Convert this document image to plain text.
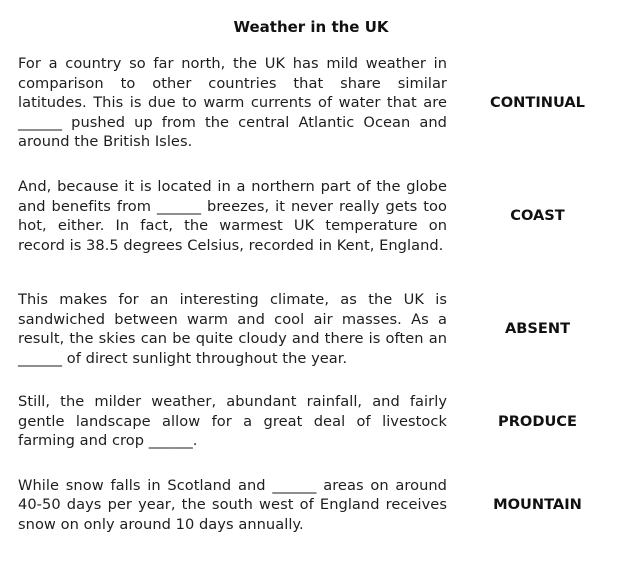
Weather in the UK
For a country so far north, the UK has mild weather in comparison to other countries that share similar latitudes. This is due to warm currents of water that are ______ pushed up from the central Atlantic Ocean and around the British Isles.
CONTINUAL
And, because it is located in a northern part of the globe and benefits from ______ breezes, it never really gets too hot, either. In fact, the warmest UK temperature on record is 38.5 degrees Celsius, recorded in Kent, England.
COAST
This makes for an interesting climate, as the UK is sandwiched between warm and cool air masses. As a result, the skies can be quite cloudy and there is often an ______ of direct sunlight throughout the year.
ABSENT
Still, the milder weather, abundant rainfall, and fairly gentle landscape allow for a great deal of livestock farming and crop ______.
PRODUCE
While snow falls in Scotland and ______ areas on around 40-50 days per year, the south west of England receives snow on only around 10 days annually.
MOUNTAIN
